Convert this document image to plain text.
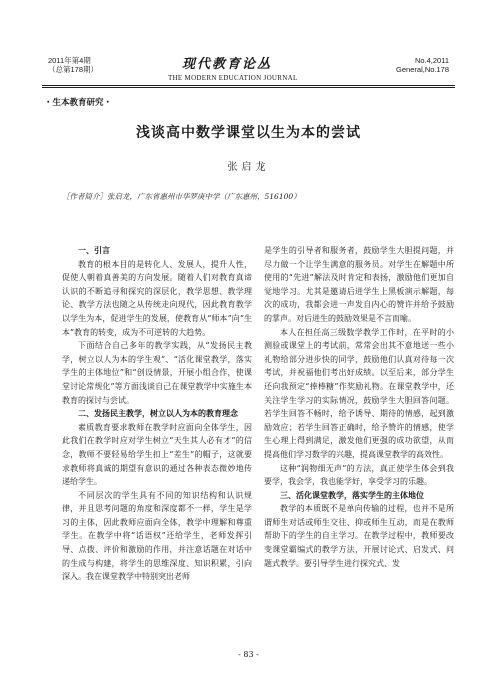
2011年第4期
（总第178期）	现代教育论丛
THE MODERN EDUCATION JOURNAL
No.4,2011
General,No.178
・生本教育研究・
浅谈高中数学课堂以生为本的尝试
张启龙
［作者简介］张启龙，广东省惠州市华罗庚中学（广东惠州，516100）
一、引言

教育的根本目的是转化人、发展人，提升人性，促使人朝着真善美的方向发展。随着人们对教育真谛认识的不断追寻和探究的深层化，教学思想、教学理论、教学方法也随之从传统走向现代，因此教育教学以学生为本，促进学生的发展，使教育从“师本”向“生本”教育的转变，成为不可逆转的大趋势。

下面结合自己多年的教学实践，从“发扬民主教学，树立以人为本的学生观”、“活化课堂教学，落实学生的主体地位”和“创设情景，开展小组合作，使课堂讨论常规化”等方面浅谈自己在课堂教学中实施生本教育的探讨与尝试。

二、发扬民主教学，树立以人为本的教育理念

素质教育要求教师在教学时应面向全体学生，因此我们在教学时应对学生树立“天生其人必有才”的信念，教师不要轻易给学生扣上“差生”的帽子，这就要求教师将真诚的期望有意识的通过各种表态微妙地传递给学生。

不同层次的学生具有不同的知识结构和认识规律，并且思考问题的角度和深度都不一样，学生是学习的主体，因此教师应面向全体，教学中理解和尊重学生。在教学中将“话语权”还给学生，老师发挥引导、点拨、评价和激励的作用，并注意话题在对话中的生成与构建，将学生的思维深度、知识积累，引向深入。我在课堂教学中特别突出老师

是学生的引导者和服务者，鼓励学生大胆提问题，并尽力做一个让学生满意的服务员。对学生在解题中所使用的“先进”解法及时肯定和表扬，激励他们更加自觉地学习。尤其是邀请后进学生上黑板演示解题，每次的成功，我都会进一声发自内心的赞许并给予鼓励的掌声。对后进生的鼓励效果是不言而喻。

本人在担任高三级数学教学工作时，在平时的小测验或课堂上的考试前，常常会出其不意地送一些小礼物给部分进步快的同学，鼓励他们认真对待每一次考试，并祝福他们考出好成绩。以至后来，部分学生还向我预定“捧棒糖”作奖励礼物。在课堂教学中，还关注学生学习的实际情况，鼓励学生大胆回答问题。若学生回答不畅时，给予诱导、期待的情感，起到激励效应；若学生回答正确时，给予赞许的情感，使学生心理上得到满足，激发他们更强的成功欲望，从而提高他们学习数学的兴趣，提高课堂教学的高效性。

这种“润物细无声”的方法，真正使学生体会到我要学，我会学，我也能学好，享受学习的乐趣。

三、活化课堂教学，落实学生的主体地位

教学的本质既不是单向传输的过程，也并不是所谓师生对话或师生交往、抑或师生互动，而是在教师帮助下的学生的自主学习。在教学过程中，教师要改变课堂霸编式的教学方法，开展讨论式、启发式、问题式教学。要引导学生进行探究式、发

- 83 -
